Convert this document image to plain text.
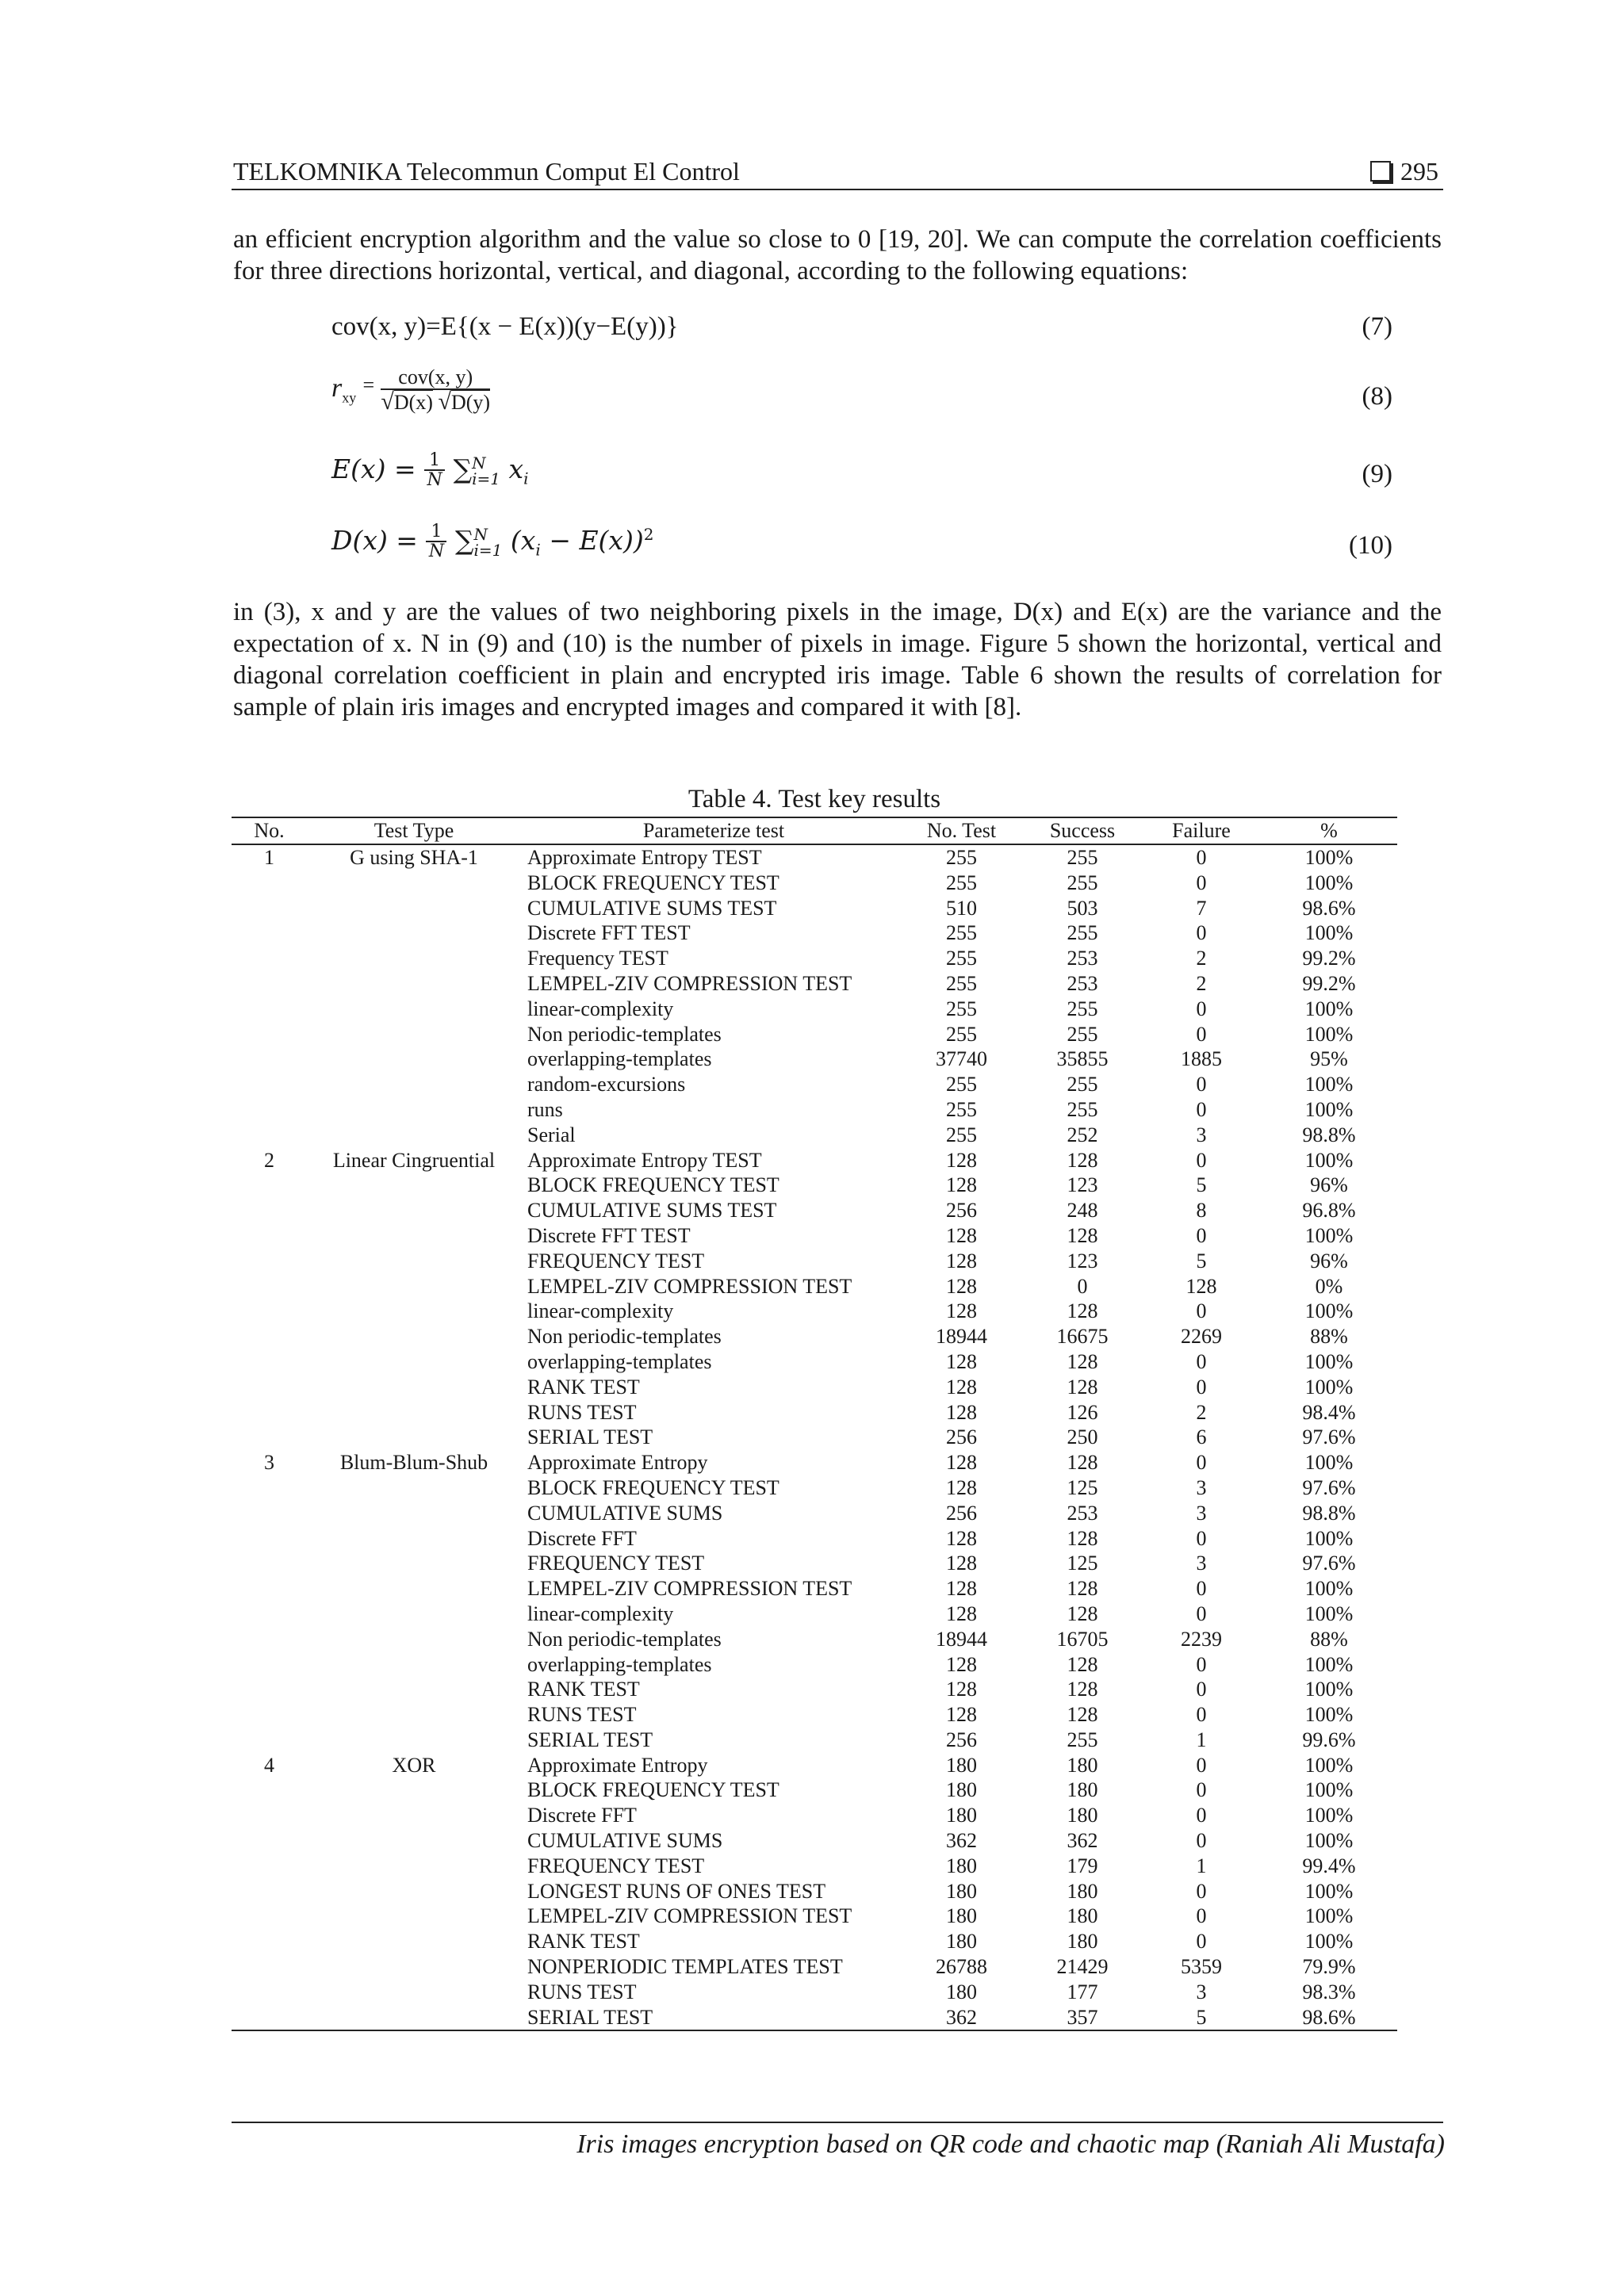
TELKOMNIKA Telecommun Comput El Control	295
an efficient encryption algorithm and the value so close to 0 [19, 20]. We can compute the correlation coefficients for three directions horizontal, vertical, and diagonal, according to the following equations:
cov(x, y)=E{(x − E(x))(y−E(y))}	(7)
$r_{xy} = \frac{\text{cov(x, y)}}{√D(x) √D(y)}$	(8)
$E(x) = \frac{1}{N}$ ∑ N
i=1 $x_i$	(9)
$D(x) = \frac{1}{N}$ ∑ N
i=1 $(x_i - E(x))^2$	(10)
in (3), x and y are the values of two neighboring pixels in the image, D(x) and E(x) are the variance and the expectation of x. N in (9) and (10) is the number of pixels in image. Figure 5 shown the horizontal, vertical and diagonal correlation coefficient in plain and encrypted iris image. Table 6 shown the results of correlation for sample of plain iris images and encrypted images and compared it with [8].
Table 4. Test key results
No.	Test Type	Parameterize test	No. Test	Success	Failure	%
1	G using SHA-1	Approximate Entropy TEST	255	255	0	100%
		BLOCK FREQUENCY TEST	255	255	0	100%
		CUMULATIVE SUMS TEST	510	503	7	98.6%
		Discrete FFT TEST	255	255	0	100%
		Frequency TEST	255	253	2	99.2%
		LEMPEL-ZIV COMPRESSION TEST	255	253	2	99.2%
		linear-complexity	255	255	0	100%
		Non periodic-templates	255	255	0	100%
		overlapping-templates	37740	35855	1885	95%
		random-excursions	255	255	0	100%
		runs	255	255	0	100%
		Serial	255	252	3	98.8%
2	Linear Cingruential	Approximate Entropy TEST	128	128	0	100%
		BLOCK FREQUENCY TEST	128	123	5	96%
		CUMULATIVE SUMS TEST	256	248	8	96.8%
		Discrete FFT TEST	128	128	0	100%
		FREQUENCY TEST	128	123	5	96%
		LEMPEL-ZIV COMPRESSION TEST	128	0	128	0%
		linear-complexity	128	128	0	100%
		Non periodic-templates	18944	16675	2269	88%
		overlapping-templates	128	128	0	100%
		RANK TEST	128	128	0	100%
		RUNS TEST	128	126	2	98.4%
		SERIAL TEST	256	250	6	97.6%
3	Blum-Blum-Shub	Approximate Entropy	128	128	0	100%
		BLOCK FREQUENCY TEST	128	125	3	97.6%
		CUMULATIVE SUMS	256	253	3	98.8%
		Discrete FFT	128	128	0	100%
		FREQUENCY TEST	128	125	3	97.6%
		LEMPEL-ZIV COMPRESSION TEST	128	128	0	100%
		linear-complexity	128	128	0	100%
		Non periodic-templates	18944	16705	2239	88%
		overlapping-templates	128	128	0	100%
		RANK TEST	128	128	0	100%
		RUNS TEST	128	128	0	100%
		SERIAL TEST	256	255	1	99.6%
4	XOR	Approximate Entropy	180	180	0	100%
		BLOCK FREQUENCY TEST	180	180	0	100%
		Discrete FFT	180	180	0	100%
		CUMULATIVE SUMS	362	362	0	100%
		FREQUENCY TEST	180	179	1	99.4%
		LONGEST RUNS OF ONES TEST	180	180	0	100%
		LEMPEL-ZIV COMPRESSION TEST	180	180	0	100%
		RANK TEST	180	180	0	100%
		NONPERIODIC TEMPLATES TEST	26788	21429	5359	79.9%
		RUNS TEST	180	177	3	98.3%
		SERIAL TEST	362	357	5	98.6%
Iris images encryption based on QR code and chaotic map (Raniah Ali Mustafa)
